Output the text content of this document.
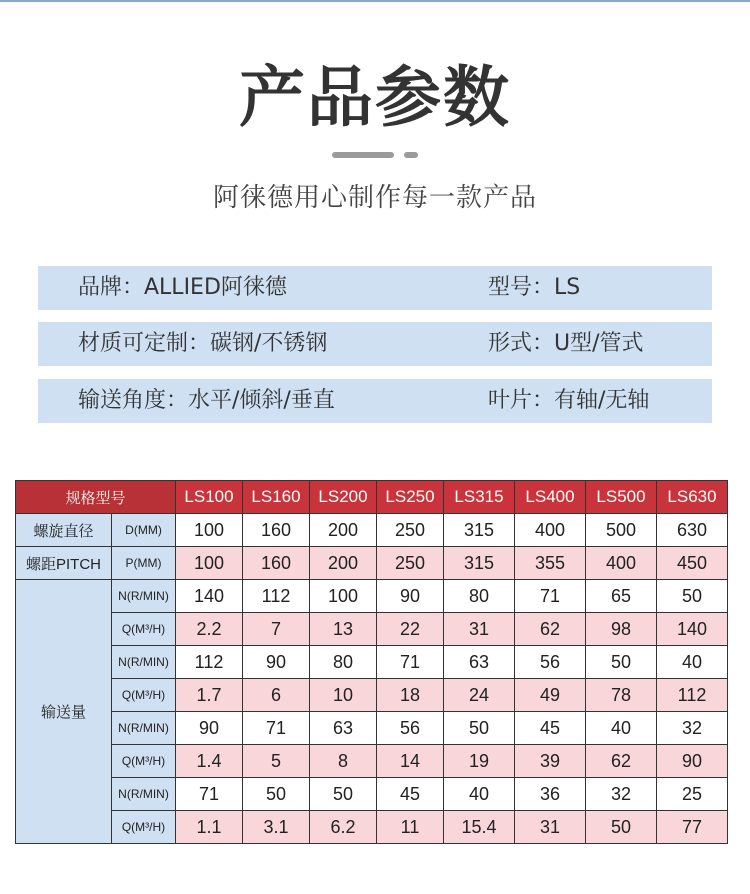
产品参数
阿徕德用心制作每一款产品
品牌：ALLIED阿徕德	型号：LS
材质可定制：碳钢/不锈钢	形式：U型/管式
输送角度：水平/倾斜/垂直	叶片：有轴/无轴
规格型号		LS100	LS160	LS200	LS250	LS315	LS400	LS500	LS630
螺旋直径	D(MM)	100	160	200	250	315	400	500	630
螺距PITCH	P(MM)	100	160	200	250	315	355	400	450
输送量	N(R/MIN)	140	112	100	90	80	71	65	50
	Q(M³/H)	2.2	7	13	22	31	62	98	140
	N(R/MIN)	112	90	80	71	63	56	50	40
	Q(M³/H)	1.7	6	10	18	24	49	78	112
	N(R/MIN)	90	71	63	56	50	45	40	32
	Q(M³/H)	1.4	5	8	14	19	39	62	90
	N(R/MIN)	71	50	50	45	40	36	32	25
	Q(M³/H)	1.1	3.1	6.2	11	15.4	31	50	77
